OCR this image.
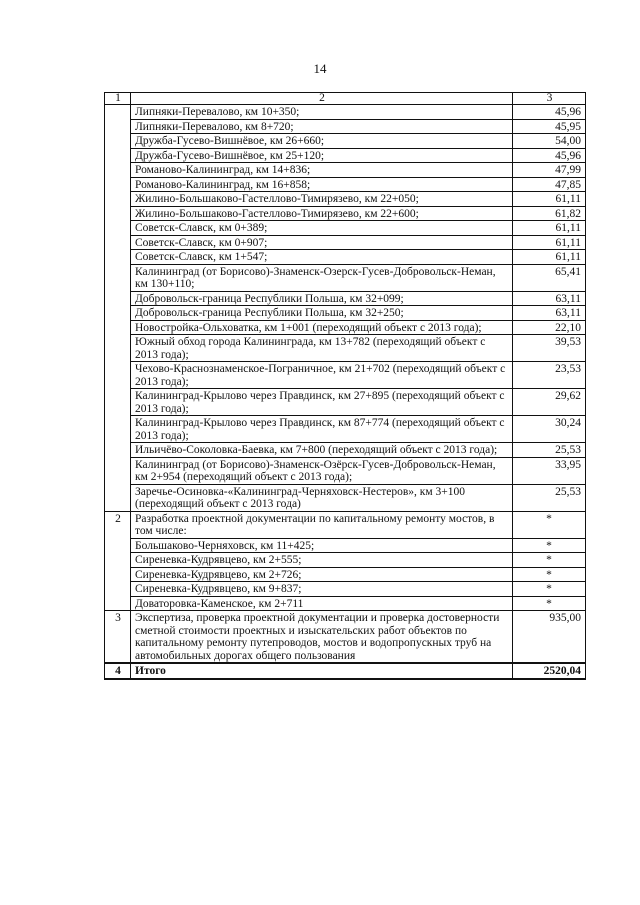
14
1	2	3
	Липняки-Перевалово, км 10+350;	45,96
	Липняки-Перевалово, км 8+720;	45,95
	Дружба-Гусево-Вишнёвое, км 26+660;	54,00
	Дружба-Гусево-Вишнёвое, км 25+120;	45,96
	Романово-Калининград, км 14+836;	47,99
	Романово-Калининград, км 16+858;	47,85
	Жилино-Большаково-Гастеллово-Тимирязево, км 22+050;	61,11
	Жилино-Большаково-Гастеллово-Тимирязево, км 22+600;	61,82
	Советск-Славск, км 0+389;	61,11
	Советск-Славск, км 0+907;	61,11
	Советск-Славск, км 1+547;	61,11
	Калининград (от Борисово)-Знаменск-Озерск-Гусев-Добровольск-Неман, км 130+110;	65,41
	Добровольск-граница Республики Польша, км 32+099;	63,11
	Добровольск-граница Республики Польша, км 32+250;	63,11
	Новостройка-Ольховатка, км 1+001 (переходящий объект с 2013 года);	22,10
	Южный обход города Калининграда, км 13+782 (переходящий объект с 2013 года);	39,53
	Чехово-Краснознаменское-Пограничное, км 21+702 (переходящий объект с 2013 года);	23,53
	Калининград-Крылово через Правдинск, км 27+895 (переходящий объект с 2013 года);	29,62
	Калининград-Крылово через Правдинск, км 87+774 (переходящий объект с 2013 года);	30,24
	Ильичёво-Соколовка-Баевка, км 7+800 (переходящий объект с 2013 года);	25,53
	Калининград (от Борисово)-Знаменск-Озёрск-Гусев-Добровольск-Неман, км 2+954 (переходящий объект с 2013 года);	33,95
	Заречье-Осиновка-«Калининград-Черняховск-Нестеров», км 3+100 (переходящий объект с 2013 года)	25,53
2	Разработка проектной документации по капитальному ремонту мостов, в том числе:	*
	Большаково-Черняховск, км 11+425;	*
	Сиреневка-Кудрявцево, км 2+555;	*
	Сиреневка-Кудрявцево, км 2+726;	*
	Сиреневка-Кудрявцево, км 9+837;	*
	Доваторовка-Каменское, км 2+711	*
3	Экспертиза, проверка проектной документации и проверка достоверности сметной стоимости проектных и изыскательских работ объектов по капитальному ремонту путепроводов, мостов и водопропускных труб на автомобильных дорогах общего пользования	935,00
4	Итого	2520,04
